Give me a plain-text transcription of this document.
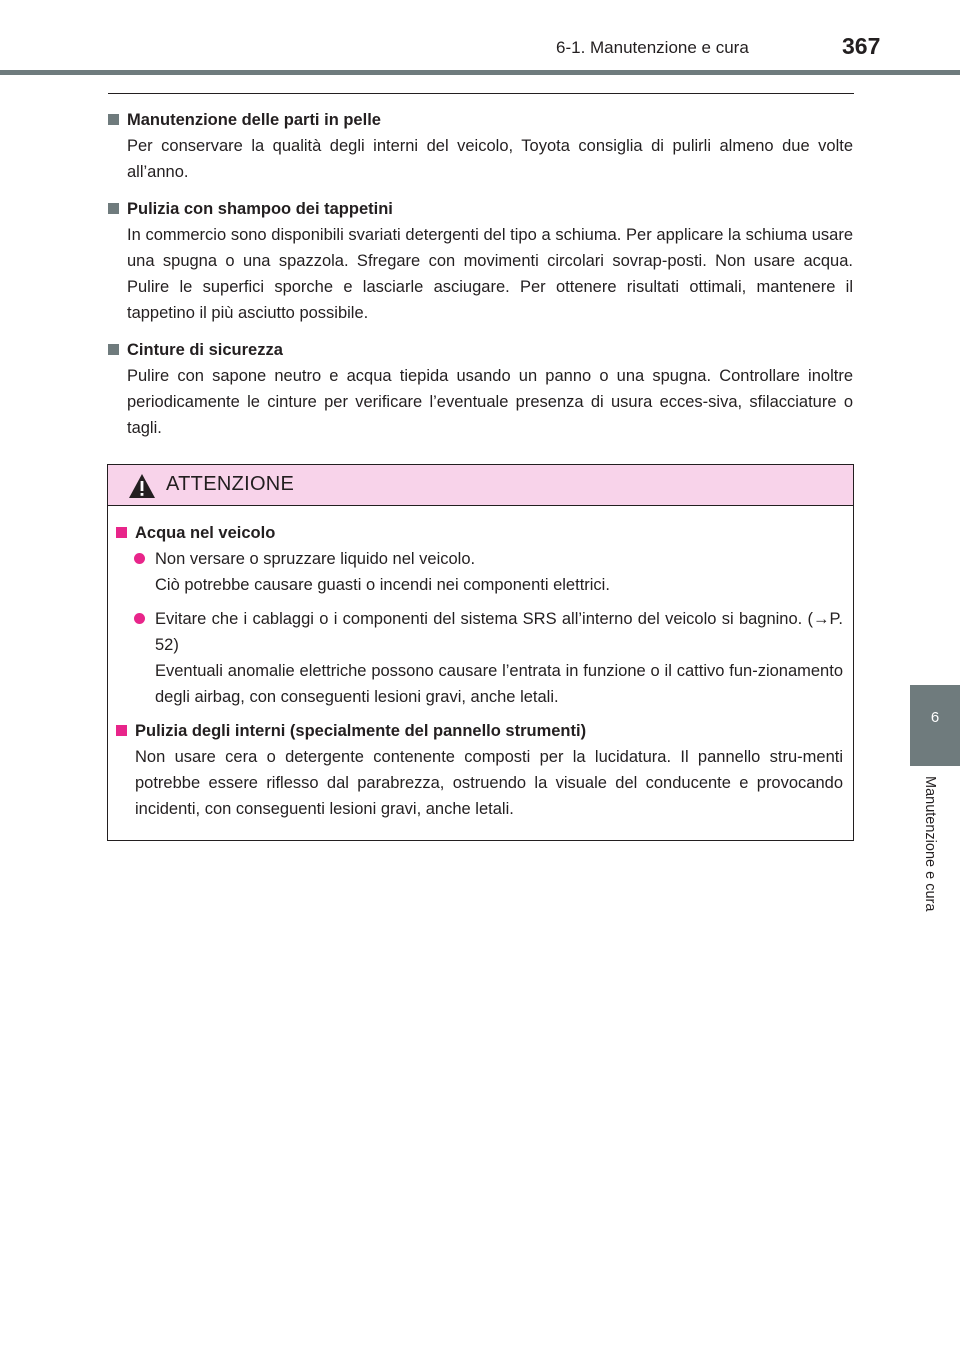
6-1. Manutenzione e cura	367
6
Manutenzione e cura
Manutenzione delle parti in pelle
Per conservare la qualità degli interni del veicolo, Toyota consiglia di pulirli almeno due volte all’anno.
Pulizia con shampoo dei tappetini
In commercio sono disponibili svariati detergenti del tipo a schiuma. Per applicare la schiuma usare una spugna o una spazzola. Sfregare con movimenti circolari sovrap-posti. Non usare acqua. Pulire le superfici sporche e lasciarle asciugare. Per ottenere risultati ottimali, mantenere il tappetino il più asciutto possibile.
Cinture di sicurezza
Pulire con sapone neutro e acqua tiepida usando un panno o una spugna. Controllare inoltre periodicamente le cinture per verificare l’eventuale presenza di usura ecces-siva, sfilacciature o tagli.
ATTENZIONE
Acqua nel veicolo
Non versare o spruzzare liquido nel veicolo.
Ciò potrebbe causare guasti o incendi nei componenti elettrici.
Evitare che i cablaggi o i componenti del sistema SRS all’interno del veicolo si bagnino. (→P. 52)
Eventuali anomalie elettriche possono causare l’entrata in funzione o il cattivo fun-zionamento degli airbag, con conseguenti lesioni gravi, anche letali.
Pulizia degli interni (specialmente del pannello strumenti)
Non usare cera o detergente contenente composti per la lucidatura. Il pannello stru-menti potrebbe essere riflesso dal parabrezza, ostruendo la visuale del conducente e provocando incidenti, con conseguenti lesioni gravi, anche letali.
